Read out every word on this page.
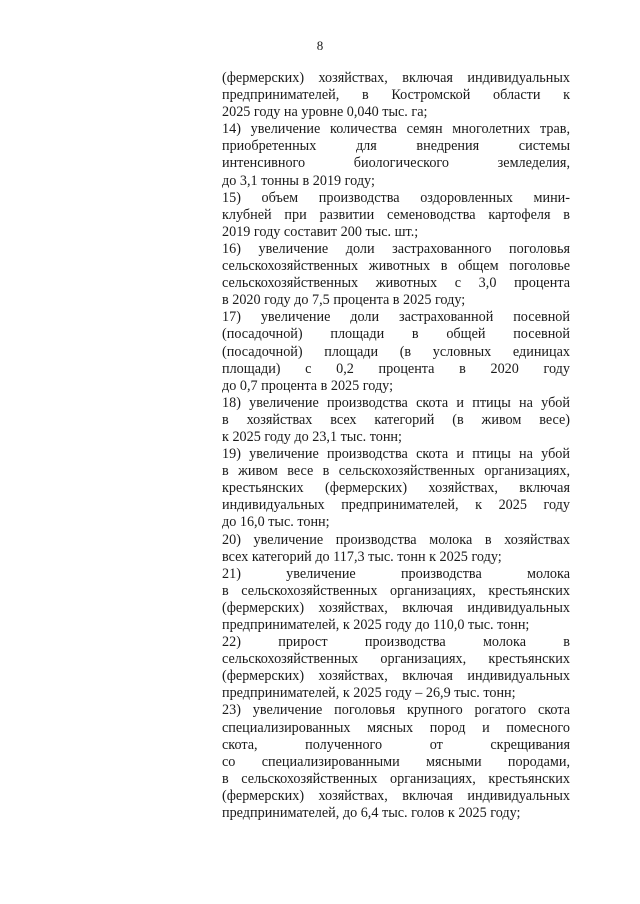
8
(фермерских) хозяйствах, включая индивидуальных
предпринимателей, в Костромской области к
2025 году на уровне 0,040 тыс. га;
14) увеличение количества семян многолетних трав,
приобретенных для внедрения системы
интенсивного биологического земледелия,
до 3,1 тонны в 2019 году;
15) объем производства оздоровленных мини-
клубней при развитии семеноводства картофеля в
2019 году составит 200 тыс. шт.;
16) увеличение доли застрахованного поголовья
сельскохозяйственных животных в общем поголовье
сельскохозяйственных животных с 3,0 процента
в 2020 году до 7,5 процента в 2025 году;
17) увеличение доли застрахованной посевной
(посадочной) площади в общей посевной
(посадочной) площади (в условных единицах
площади) с 0,2 процента в 2020 году
до 0,7 процента в 2025 году;
18) увеличение производства скота и птицы на убой
в хозяйствах всех категорий (в живом весе)
к 2025 году до 23,1 тыс. тонн;
19) увеличение производства скота и птицы на убой
в живом весе в сельскохозяйственных организациях,
крестьянских (фермерских) хозяйствах, включая
индивидуальных предпринимателей, к 2025 году
до 16,0 тыс. тонн;
20) увеличение производства молока в хозяйствах
всех категорий до 117,3 тыс. тонн к 2025 году;
21) увеличение производства молока
в сельскохозяйственных организациях, крестьянских
(фермерских) хозяйствах, включая индивидуальных
предпринимателей, к 2025 году до 110,0 тыс. тонн;
22) прирост производства молока в
сельскохозяйственных организациях, крестьянских
(фермерских) хозяйствах, включая индивидуальных
предпринимателей, к 2025 году – 26,9 тыс. тонн;
23) увеличение поголовья крупного рогатого скота
специализированных мясных пород и помесного
скота, полученного от скрещивания
со специализированными мясными породами,
в сельскохозяйственных организациях, крестьянских
(фермерских) хозяйствах, включая индивидуальных
предпринимателей, до 6,4 тыс. голов к 2025 году;
